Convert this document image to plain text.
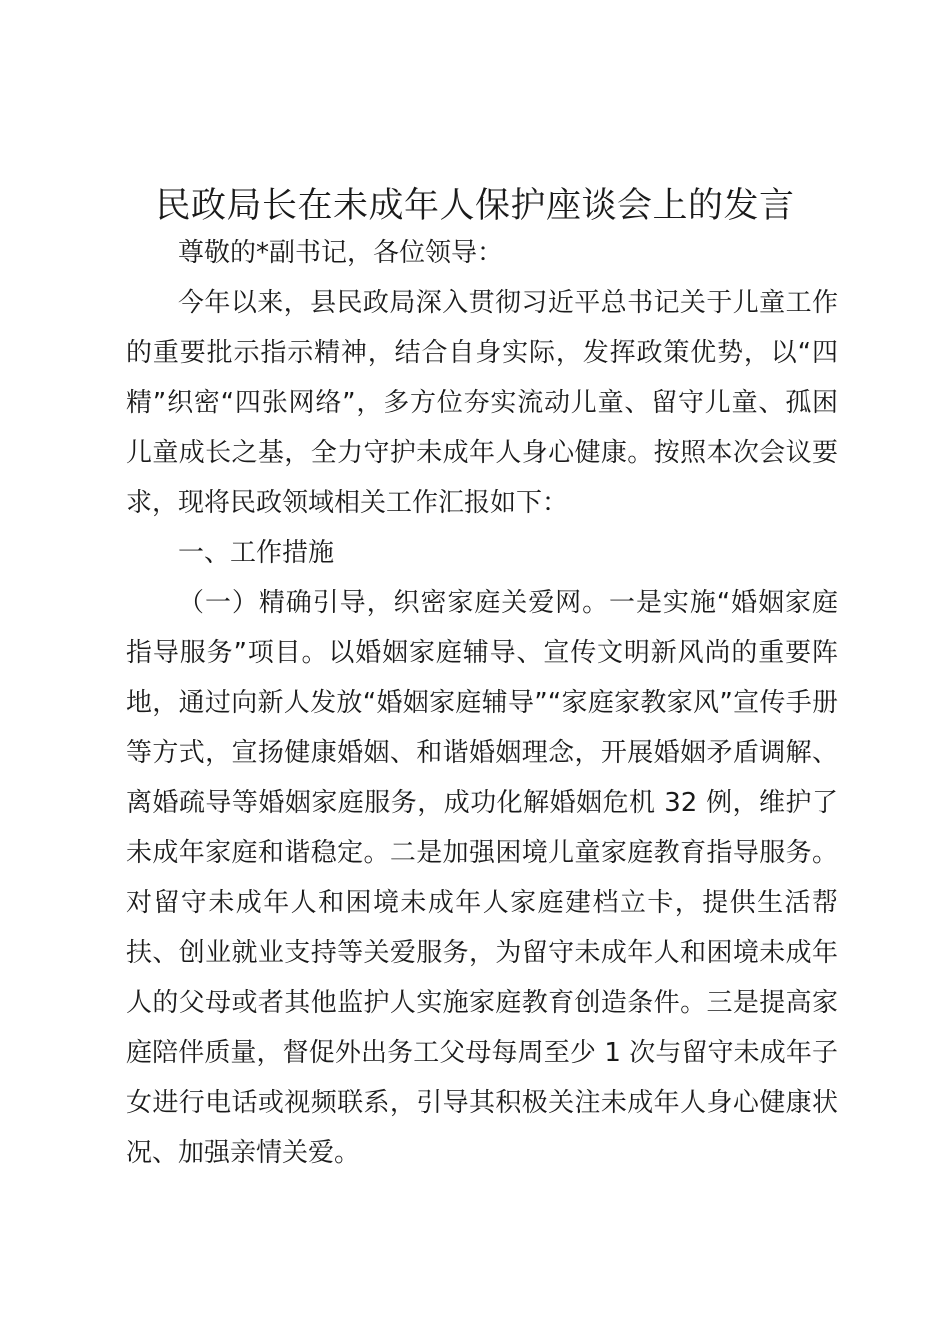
民政局长在未成年人保护座谈会上的发言

尊敬的*副书记，各位领导：

今年以来，县民政局深入贯彻习近平总书记关于儿童工作的重要批示指示精神，结合自身实际，发挥政策优势，以“四精”织密“四张网络”，多方位夯实流动儿童、留守儿童、孤困儿童成长之基，全力守护未成年人身心健康。按照本次会议要求，现将民政领域相关工作汇报如下：

一、工作措施

（一）精确引导，织密家庭关爱网。一是实施“婚姻家庭指导服务”项目。以婚姻家庭辅导、宣传文明新风尚的重要阵地，通过向新人发放“婚姻家庭辅导”“家庭家教家风”宣传手册等方式，宣扬健康婚姻、和谐婚姻理念，开展婚姻矛盾调解、离婚疏导等婚姻家庭服务，成功化解婚姻危机 32 例，维护了未成年家庭和谐稳定。二是加强困境儿童家庭教育指导服务。对留守未成年人和困境未成年人家庭建档立卡，提供生活帮扶、创业就业支持等关爱服务，为留守未成年人和困境未成年人的父母或者其他监护人实施家庭教育创造条件。三是提高家庭陪伴质量，督促外出务工父母每周至少 1 次与留守未成年子女进行电话或视频联系，引导其积极关注未成年人身心健康状况、加强亲情关爱。
